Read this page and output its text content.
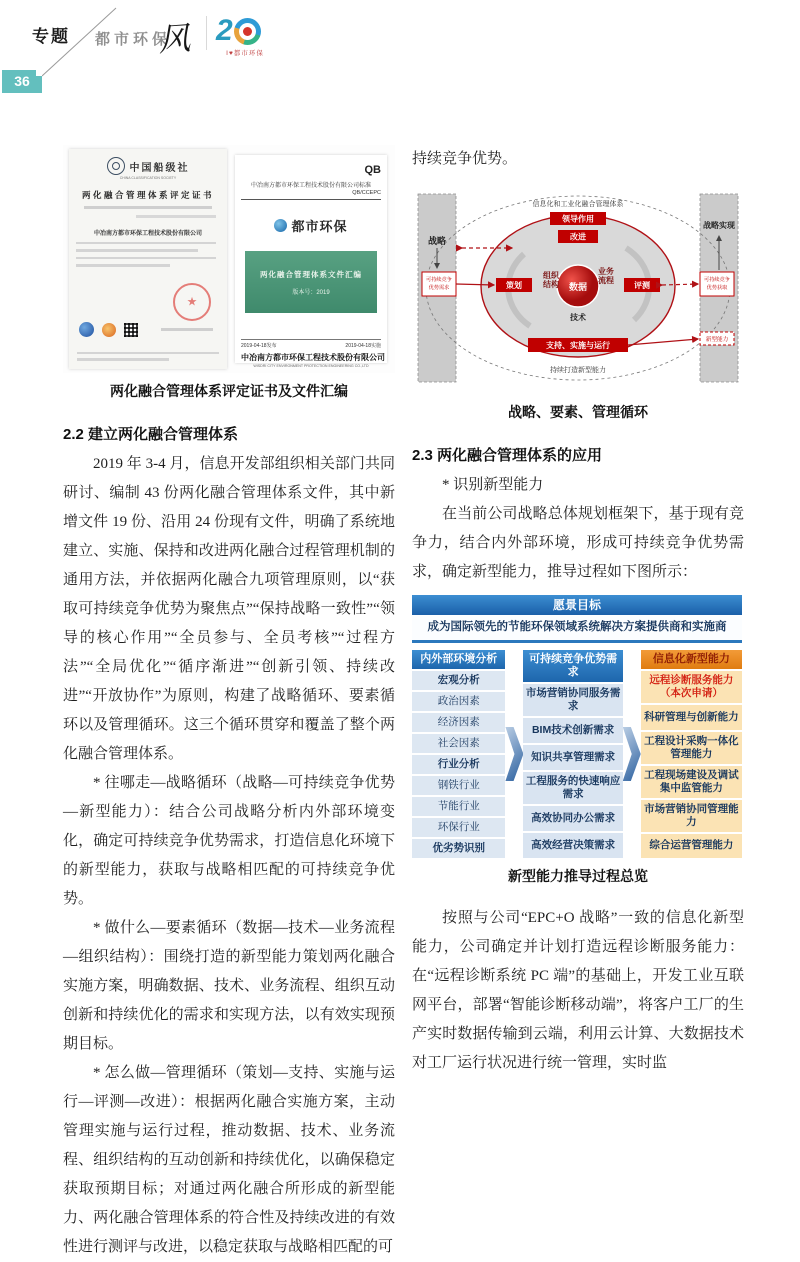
专题 都市环保
风 2
I♥都市环保
36
中国船级社
CHINA CLASSIFICATION SOCIETY
两化融合管理体系评定证书
中冶南方都市环保工程技术股份有限公司
★
QB
中冶南方都市环保工程技术股份有限公司标准
QB/CCEPC
都市环保
两化融合管理体系文件汇编
版本号：2019
2019-04-18发布	2019-04-18实施
中冶南方都市环保工程技术股份有限公司
WISDRI CITY ENVIRONMENT PROTECTION ENGINEERING CO.,LTD
两化融合管理体系评定证书及文件汇编
2.2 建立两化融合管理体系

2019 年 3-4 月，信息开发部组织相关部门共同研讨、编制 43 份两化融合管理体系文件，其中新增文件 19 份、沿用 24 份现有文件，明确了系统地建立、实施、保持和改进两化融合过程管理机制的通用方法，并依据两化融合九项管理原则，以“获取可持续竞争优势为聚焦点”“保持战略一致性”“领导的核心作用”“全员参与、全员考核”“过程方法”“全局优化”“循序渐进”“创新引领、持续改进”“开放协作”为原则，构建了战略循环、要素循环以及管理循环。这三个循环贯穿和覆盖了整个两化融合管理体系。

* 往哪走—战略循环（战略—可持续竞争优势—新型能力）：结合公司战略分析内外部环境变化，确定可持续竞争优势需求，打造信息化环境下的新型能力，获取与战略相匹配的可持续竞争优势。

* 做什么—要素循环（数据—技术—业务流程—组织结构）：围绕打造的新型能力策划两化融合实施方案，明确数据、技术、业务流程、组织互动创新和持续优化的需求和实现方法，以有效实现预期目标。

* 怎么做—管理循环（策划—支持、实施与运行—评测—改进）：根据两化融合实施方案，主动管理实施与运行过程，推动数据、技术、业务流程、组织结构的互动创新和持续优化，以确保稳定获取预期目标；对通过两化融合所形成的新型能力、两化融合管理体系的符合性及持续改进的有效性进行测评与改进，以稳定获取与战略相匹配的可

持续竞争优势。

信息化和工业化融合管理体系
持续打造新型能力
战略
战略实现
领导作用
改进
策划	评测
支持、实施与运行
数据
组织
结构
业务
流程
技术
可持续竞争
优势需求
可持续竞争
优势获取
新型能力
战略、要素、管理循环
2.3 两化融合管理体系的应用

* 识别新型能力

在当前公司战略总体规划框架下，基于现有竞争力，结合内外部环境，形成可持续竞争优势需求，确定新型能力，推导过程如下图所示：

愿景目标
成为国际领先的节能环保领域系统解决方案提供商和实施商
内外部环境分析
宏观分析
政治因素
经济因素
社会因素
行业分析
钢铁行业
节能行业
环保行业
优劣势识别
可持续竞争优势需求
市场营销协同服务需求
BIM技术创新需求
知识共享管理需求
工程服务的快速响应需求
高效协同办公需求
高效经营决策需求
信息化新型能力
远程诊断服务能力（本次申请）
科研管理与创新能力
工程设计采购一体化管理能力
工程现场建设及调试集中监管能力
市场营销协同管理能力
综合运营管理能力
新型能力推导过程总览

按照与公司“EPC+O 战略”一致的信息化新型能力，公司确定并计划打造远程诊断服务能力：在“远程诊断系统 PC 端”的基础上，开发工业互联网平台，部署“智能诊断移动端”，将客户工厂的生产实时数据传输到云端，利用云计算、大数据技术对工厂运行状况进行统一管理，实时监
